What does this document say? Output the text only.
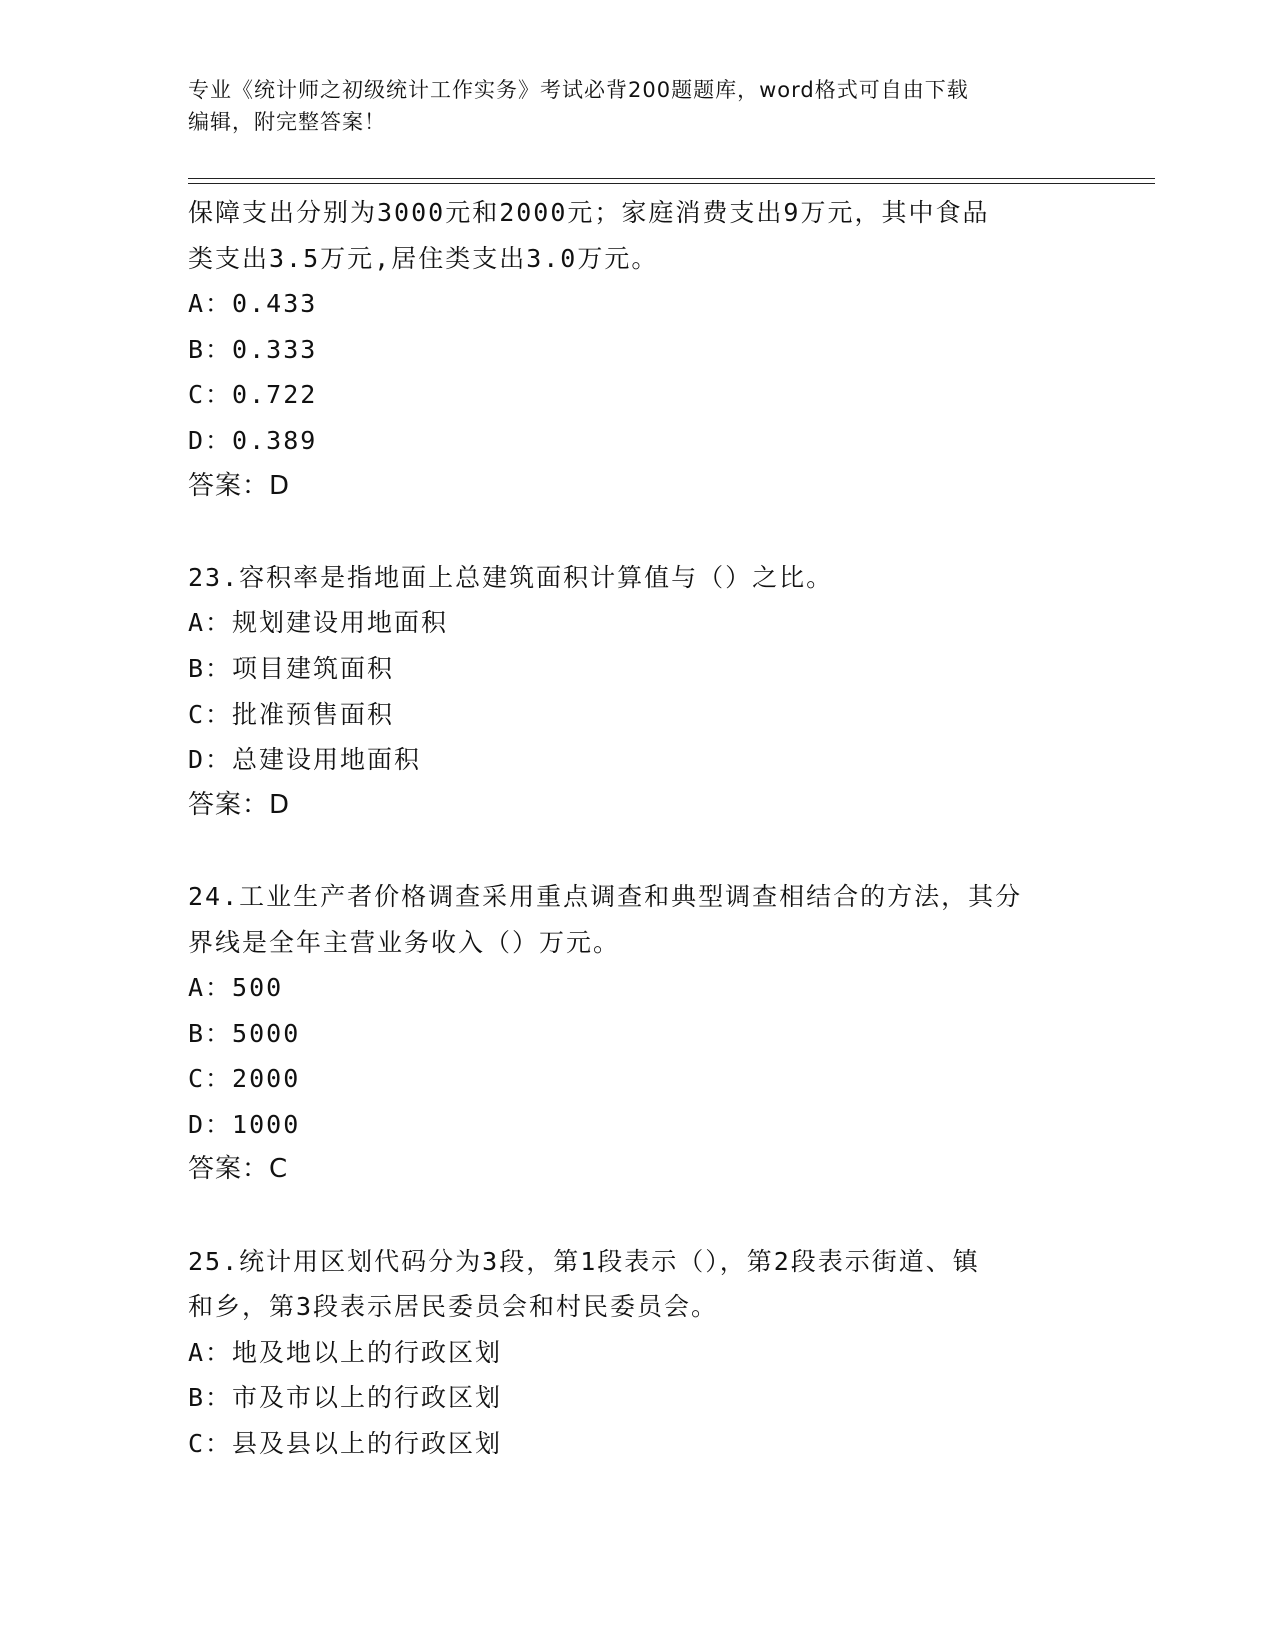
专业《统计师之初级统计工作实务》考试必背200题题库，word格式可自由下载
编辑，附完整答案！
保障支出分别为3000元和2000元；家庭消费支出9万元，其中食品
类支出3.5万元,居住类支出3.0万元。
A：0.433
B：0.333
C：0.722
D：0.389
答案：D
23.容积率是指地面上总建筑面积计算值与（）之比。
A：规划建设用地面积
B：项目建筑面积
C：批准预售面积
D：总建设用地面积
答案：D
24.工业生产者价格调查采用重点调查和典型调查相结合的方法，其分
界线是全年主营业务收入（）万元。
A：500
B：5000
C：2000
D：1000
答案：C
25.统计用区划代码分为3段，第1段表示（），第2段表示街道、镇
和乡，第3段表示居民委员会和村民委员会。
A：地及地以上的行政区划
B：市及市以上的行政区划
C：县及县以上的行政区划
